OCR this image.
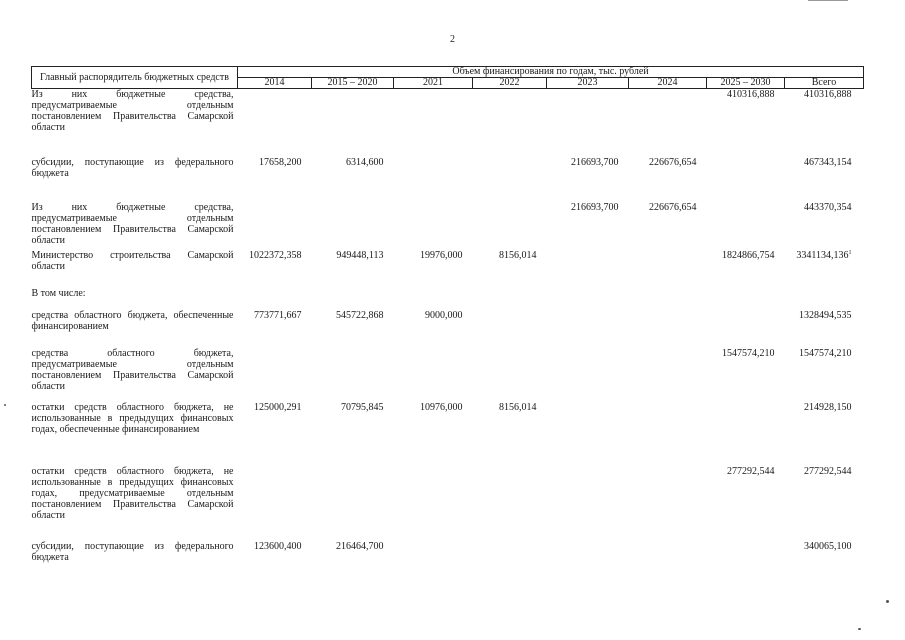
2
Главный распорядитель бюджетных средств	Объем финансирования по годам, тыс. рублей							
	2014	2015 – 2020	2021	2022	2023	2024	2025 – 2030	Всего
Из них бюджетные средства, предусматриваемые отдельным постановлением Правительства Самарской области							410316,888	410316,888
субсидии, поступающие из федерального бюджета	17658,200	6314,600			216693,700	226676,654		467343,154
Из них бюджетные средства, предусматриваемые отдельным постановлением Правительства Самарской области					216693,700	226676,654		443370,354
Министерство строительства Самарской области	1022372,358	949448,113	19976,000	8156,014			1824866,754	3341134,136$^1$
В том числе:								
средства областного бюджета, обеспеченные финансированием	773771,667	545722,868	9000,000					1328494,535
средства областного бюджета, предусматриваемые отдельным постановлением Правительства Самарской области							1547574,210	1547574,210
остатки средств областного бюджета, не использованные в предыдущих финансовых годах, обеспеченные финансированием	125000,291	70795,845	10976,000	8156,014				214928,150
остатки средств областного бюджета, не использованные в предыдущих финансовых годах, предусматриваемые отдельным постановлением Правительства Самарской области							277292,544	277292,544
субсидии, поступающие из федерального бюджета	123600,400	216464,700						340065,100
